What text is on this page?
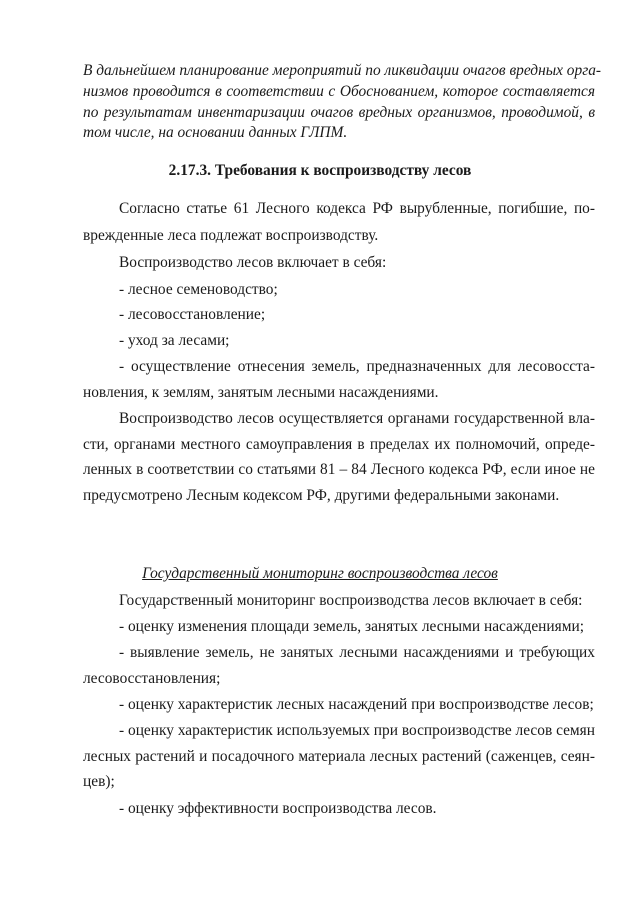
В дальнейшем планирование мероприятий по ликвидации очагов вредных орга-
низмов проводится в соответствии с Обоснованием, которое составляется
по результатам инвентаризации очагов вредных организмов, проводимой, в
том числе, на основании данных ГЛПМ.
2.17.3. Требования к воспроизводству лесов
Согласно статье 61 Лесного кодекса РФ вырубленные, погибшие, по-
врежденные леса подлежат воспроизводству.
Воспроизводство лесов включает в себя:
- лесное семеноводство;
- лесовосстановление;
- уход за лесами;
- осуществление отнесения земель, предназначенных для лесовосста-
новления, к землям, занятым лесными насаждениями.
Воспроизводство лесов осуществляется органами государственной вла-
сти, органами местного самоуправления в пределах их полномочий, опреде-
ленных в соответствии со статьями 81 – 84 Лесного кодекса РФ, если иное не
предусмотрено Лесным кодексом РФ, другими федеральными законами.
Государственный мониторинг воспроизводства лесов
Государственный мониторинг воспроизводства лесов включает в себя:
- оценку изменения площади земель, занятых лесными насаждениями;
- выявление земель, не занятых лесными насаждениями и требующих
лесовосстановления;
- оценку характеристик лесных насаждений при воспроизводстве лесов;
- оценку характеристик используемых при воспроизводстве лесов семян
лесных растений и посадочного материала лесных растений (саженцев, сеян-
цев);
- оценку эффективности воспроизводства лесов.
